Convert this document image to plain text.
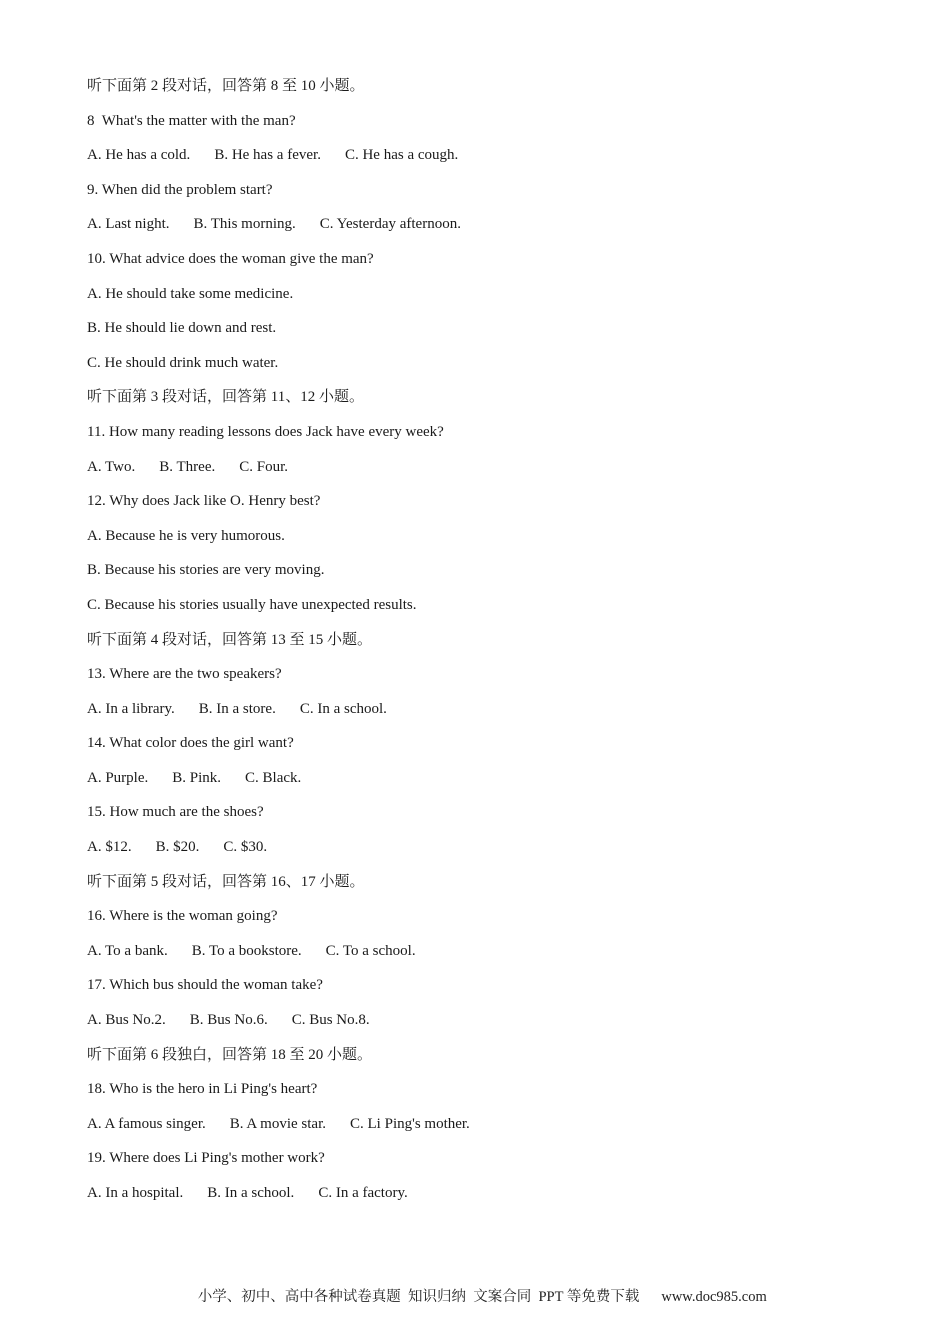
听下面第 2 段对话，回答第 8 至 10 小题。
8  What's the matter with the man?
A. He has a cold. B. He has a fever. C. He has a cough.
9. When did the problem start?
A. Last night. B. This morning. C. Yesterday afternoon.
10. What advice does the woman give the man?
A. He should take some medicine.
B. He should lie down and rest.
C. He should drink much water.
听下面第 3 段对话，回答第 11、12 小题。
11. How many reading lessons does Jack have every week?
A. Two. B. Three. C. Four.
12. Why does Jack like O. Henry best?
A. Because he is very humorous.
B. Because his stories are very moving.
C. Because his stories usually have unexpected results.
听下面第 4 段对话，回答第 13 至 15 小题。
13. Where are the two speakers?
A. In a library. B. In a store. C. In a school.
14. What color does the girl want?
A. Purple. B. Pink. C. Black.
15. How much are the shoes?
A. $12. B. $20. C. $30.
听下面第 5 段对话，回答第 16、17 小题。
16. Where is the woman going?
A. To a bank. B. To a bookstore. C. To a school.
17. Which bus should the woman take?
A. Bus No.2. B. Bus No.6. C. Bus No.8.
听下面第 6 段独白，回答第 18 至 20 小题。
18. Who is the hero in Li Ping's heart?
A. A famous singer. B. A movie star. C. Li Ping's mother.
19. Where does Li Ping's mother work?
A. In a hospital. B. In a school. C. In a factory.

小学、初中、高中各种试卷真题  知识归纳  文案合同  PPT 等免费下载 www.doc985.com
